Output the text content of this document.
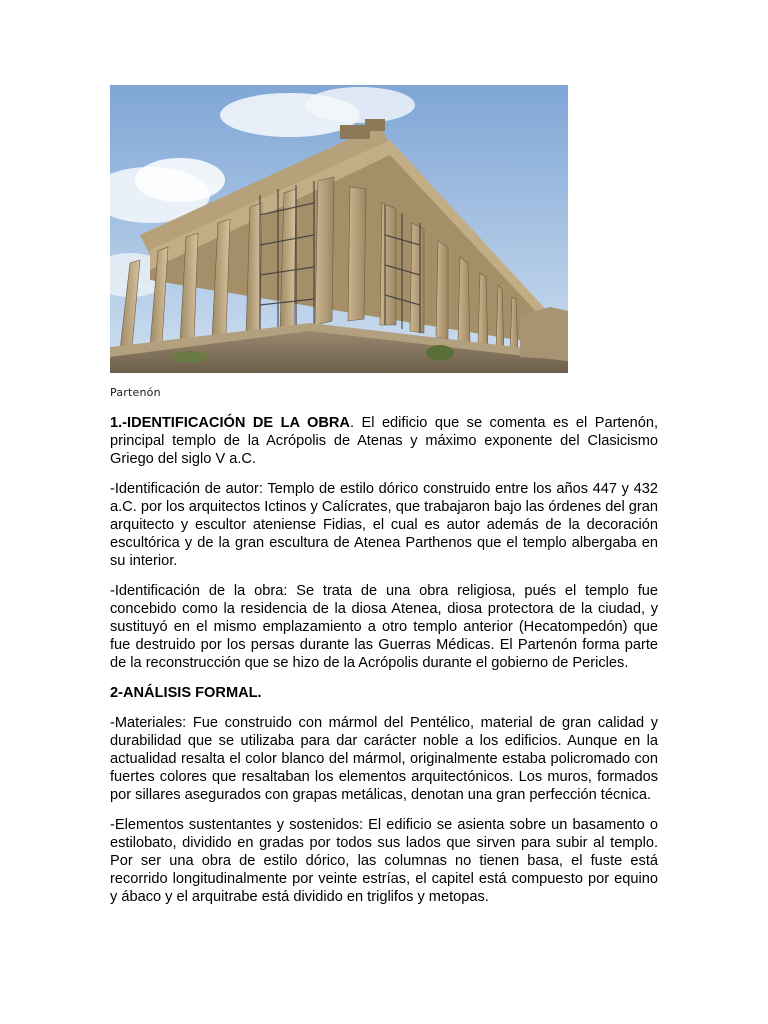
Partenón

1.-IDENTIFICACIÓN DE LA OBRA. El edificio que se comenta es el Partenón, principal templo de la Acrópolis de Atenas y máximo exponente del Clasicismo Griego del siglo V a.C.

-Identificación de autor: Templo de estilo dórico construido entre los años 447 y 432 a.C. por los arquitectos Ictinos y Calícrates, que trabajaron bajo las órdenes del gran arquitecto y escultor ateniense Fidias, el cual es autor además de la decoración escultórica y de la gran escultura de Atenea Parthenos que el templo albergaba en su interior.

-Identificación de la obra: Se trata de una obra religiosa, pués el templo fue concebido como la residencia de la diosa Atenea, diosa protectora de la ciudad, y sustituyó en el mismo emplazamiento a otro templo anterior (Hecatompedón) que fue destruido por los persas durante las Guerras Médicas. El Partenón forma parte de la reconstrucción que se hizo de la Acrópolis durante el gobierno de Pericles.

2-ANÁLISIS FORMAL.

-Materiales: Fue construido con mármol del Pentélico, material de gran calidad y durabilidad que se utilizaba para dar carácter noble a los edificios. Aunque en la actualidad resalta el color blanco del mármol, originalmente estaba policromado con fuertes colores que resaltaban los elementos arquitectónicos. Los muros, formados por sillares asegurados con grapas metálicas, denotan una gran perfección técnica.

-Elementos sustentantes y sostenidos: El edificio se asienta sobre un basamento o estilobato, dividido en gradas por todos sus lados que sirven para subir al templo. Por ser una obra de estilo dórico, las columnas no tienen basa, el fuste está recorrido longitudinalmente por veinte estrías, el capitel está compuesto por equino y ábaco y el arquitrabe está dividido en triglifos y metopas.
